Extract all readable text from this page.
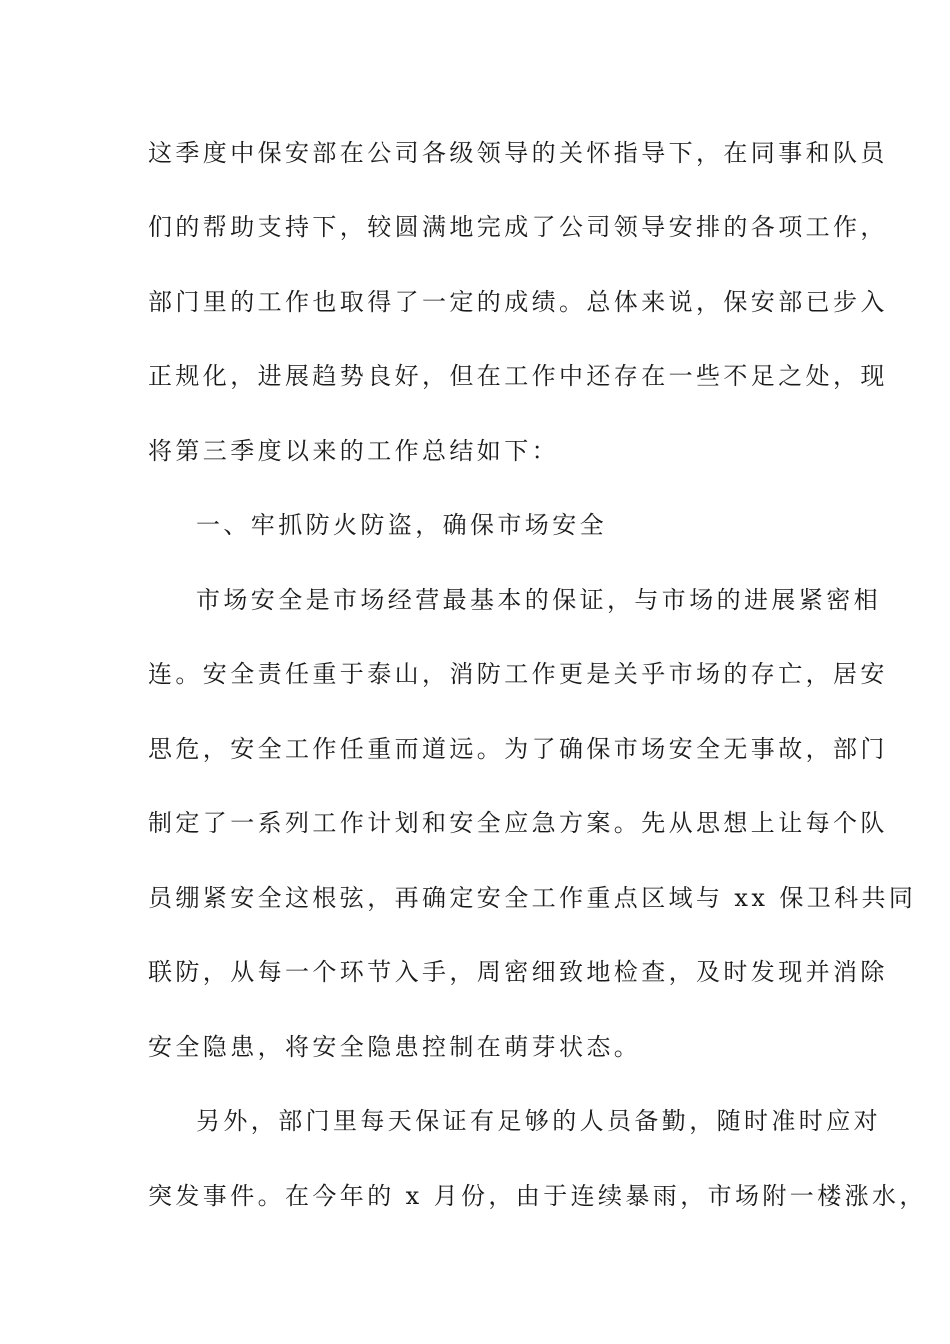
这季度中保安部在公司各级领导的关怀指导下，在同事和队员
们的帮助支持下，较圆满地完成了公司领导安排的各项工作，
部门里的工作也取得了一定的成绩。总体来说，保安部已步入
正规化，进展趋势良好，但在工作中还存在一些不足之处，现
将第三季度以来的工作总结如下：
一、牢抓防火防盗，确保市场安全
市场安全是市场经营最基本的保证，与市场的进展紧密相
连。安全责任重于泰山，消防工作更是关乎市场的存亡，居安
思危，安全工作任重而道远。为了确保市场安全无事故，部门
制定了一系列工作计划和安全应急方案。先从思想上让每个队
员绷紧安全这根弦，再确定安全工作重点区域与 xx 保卫科共同
联防，从每一个环节入手，周密细致地检查，及时发现并消除
安全隐患，将安全隐患控制在萌芽状态。
另外，部门里每天保证有足够的人员备勤，随时准时应对
突发事件。在今年的 x 月份，由于连续暴雨，市场附一楼涨水，
